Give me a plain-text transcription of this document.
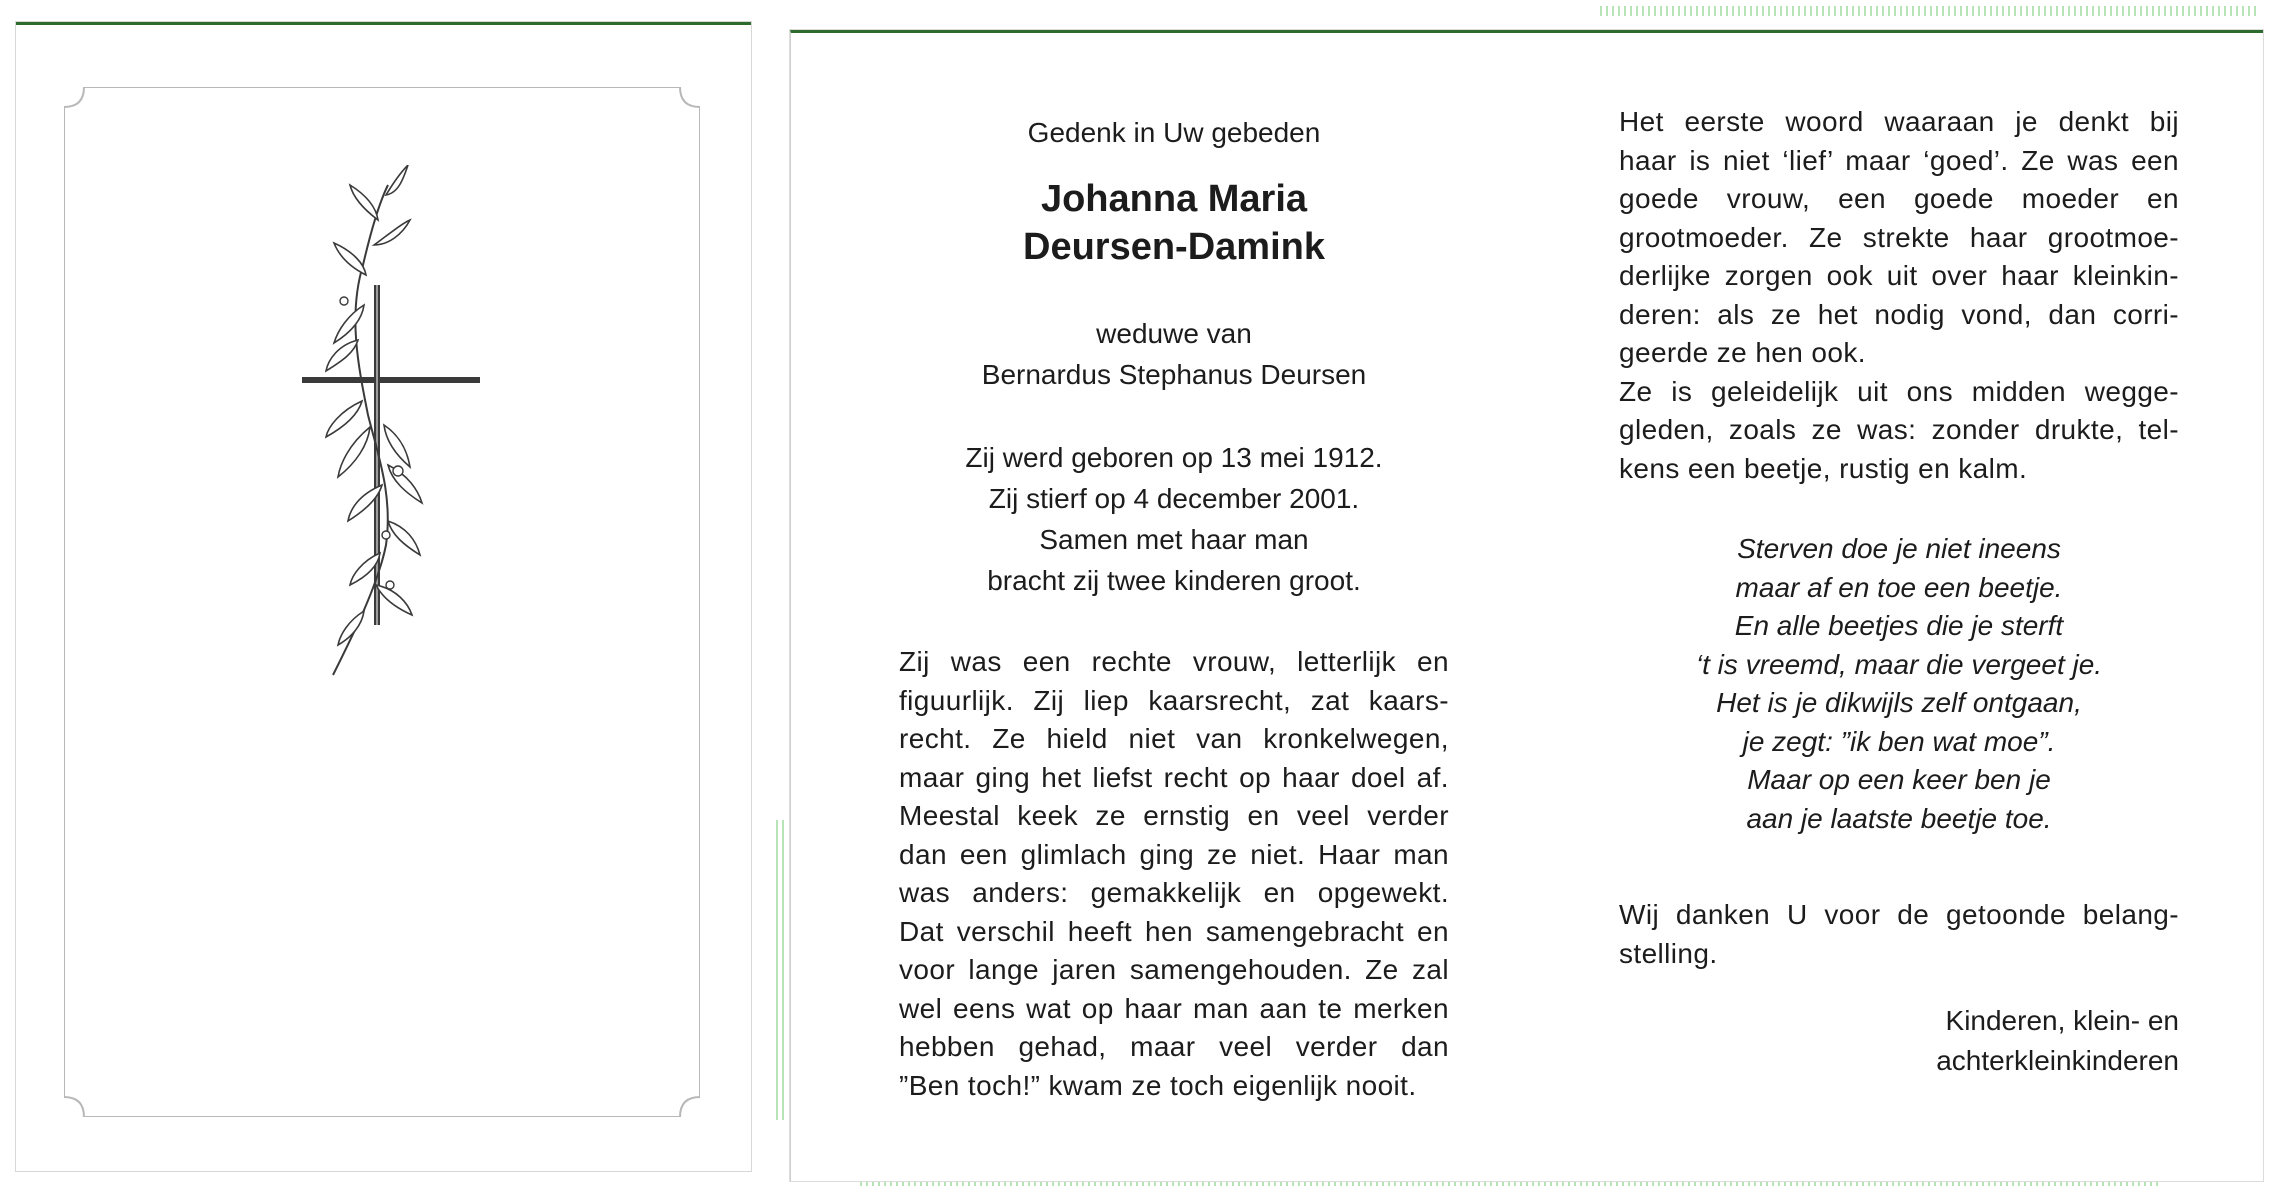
Gedenk in Uw gebeden

Johanna Maria

Deursen-Damink

weduwe van

Bernardus Stephanus Deursen

Zij werd geboren op 13 mei 1912.

Zij stierf op 4 december 2001.

Samen met haar man

bracht zij twee kinderen groot.

Zij was een rechte vrouw, letterlijk en
figuurlijk. Zij liep kaarsrecht, zat kaars-
recht. Ze hield niet van kronkelwegen,
maar ging het liefst recht op haar doel af.
Meestal keek ze ernstig en veel verder
dan een glimlach ging ze niet. Haar man
was anders: gemakkelijk en opgewekt.
Dat verschil heeft hen samengebracht en
voor lange jaren samengehouden. Ze zal
wel eens wat op haar man aan te merken
hebben gehad, maar veel verder dan
”Ben toch!” kwam ze toch eigenlijk nooit.

Het eerste woord waaraan je denkt bij
haar is niet ‘lief’ maar ‘goed’. Ze was een
goede vrouw, een goede moeder en
grootmoeder. Ze strekte haar grootmoe-
derlijke zorgen ook uit over haar kleinkin-
deren: als ze het nodig vond, dan corri-
geerde ze hen ook.
Ze is geleidelijk uit ons midden wegge-
gleden, zoals ze was: zonder drukte, tel-
kens een beetje, rustig en kalm.

Sterven doe je niet ineens
maar af en toe een beetje.
En alle beetjes die je sterft
‘t is vreemd, maar die vergeet je.
Het is je dikwijls zelf ontgaan,
je zegt: ”ik ben wat moe”.
Maar op een keer ben je
aan je laatste beetje toe.

Wij danken U voor de getoonde belang-
stelling.

Kinderen, klein- en
achterkleinkinderen
